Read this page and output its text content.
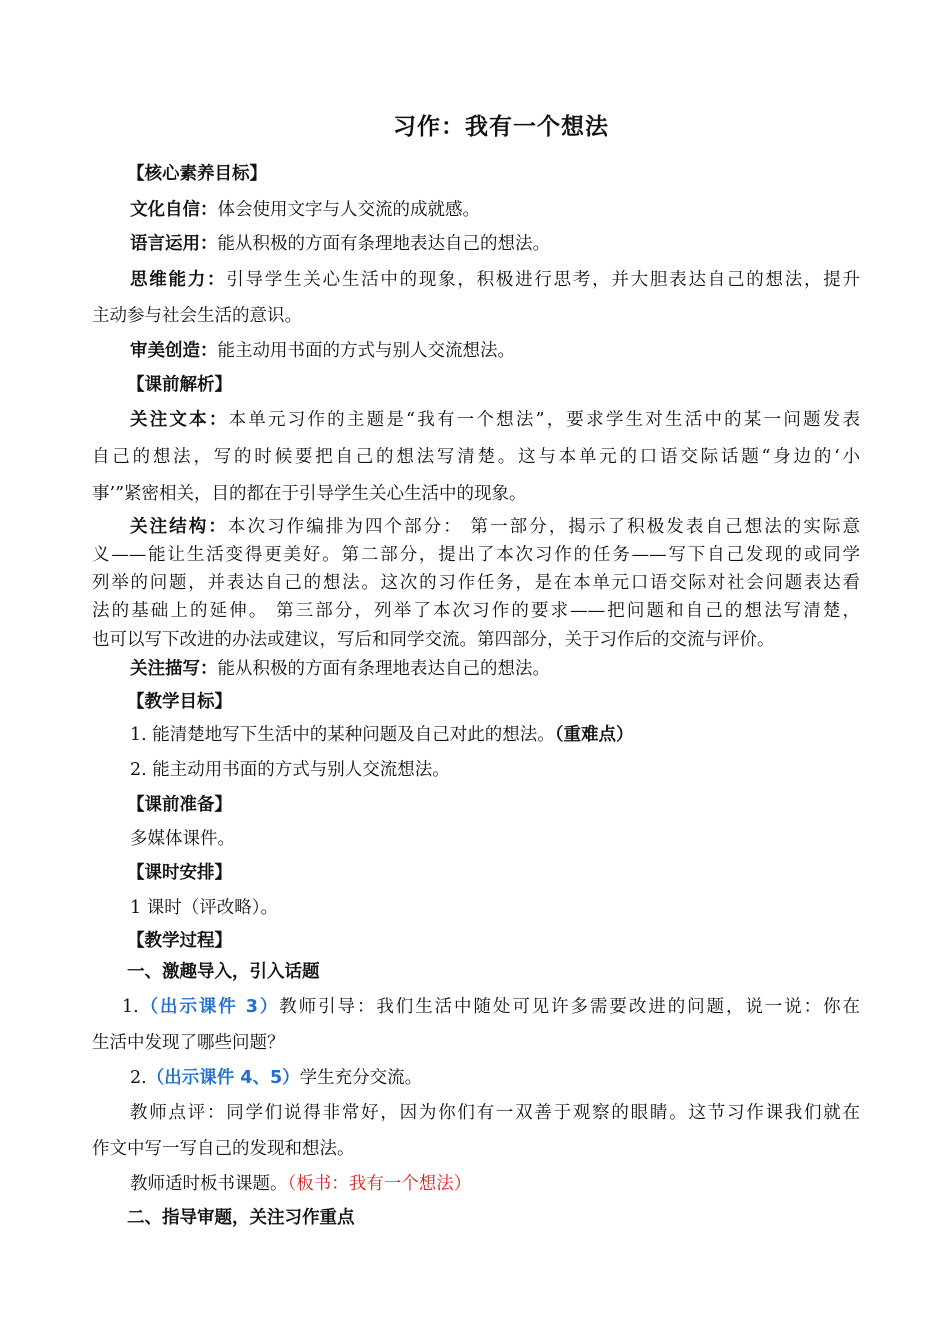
习作：我有一个想法
【核心素养目标】
文化自信：体会使用文字与人交流的成就感。
语言运用：能从积极的方面有条理地表达自己的想法。
思维能力：引导学生关心生活中的现象，积极进行思考，并大胆表达自己的想法，提升
主动参与社会生活的意识。
审美创造：能主动用书面的方式与别人交流想法。
【课前解析】
关注文本：本单元习作的主题是“我有一个想法”，要求学生对生活中的某一问题发表
自己的想法，写的时候要把自己的想法写清楚。这与本单元的口语交际话题“身边的‘小
事’”紧密相关，目的都在于引导学生关心生活中的现象。
关注结构：本次习作编排为四个部分： 第一部分，揭示了积极发表自己想法的实际意
义——能让生活变得更美好。第二部分，提出了本次习作的任务——写下自己发现的或同学
列举的问题，并表达自己的想法。这次的习作任务，是在本单元口语交际对社会问题表达看
法的基础上的延伸。 第三部分，列举了本次习作的要求——把问题和自己的想法写清楚，
也可以写下改进的办法或建议，写后和同学交流。第四部分，关于习作后的交流与评价。
关注描写：能从积极的方面有条理地表达自己的想法。
【教学目标】
1. 能清楚地写下生活中的某种问题及自己对此的想法。（重难点）
2. 能主动用书面的方式与别人交流想法。
【课前准备】
多媒体课件。
【课时安排】
1 课时（评改略）。
【教学过程】
一、激趣导入，引入话题
1.（出示课件 3）教师引导：我们生活中随处可见许多需要改进的问题，说一说：你在
生活中发现了哪些问题？
2.（出示课件 4、5）学生充分交流。
教师点评：同学们说得非常好，因为你们有一双善于观察的眼睛。这节习作课我们就在
作文中写一写自己的发现和想法。
教师适时板书课题。（板书：我有一个想法）
二、指导审题，关注习作重点
